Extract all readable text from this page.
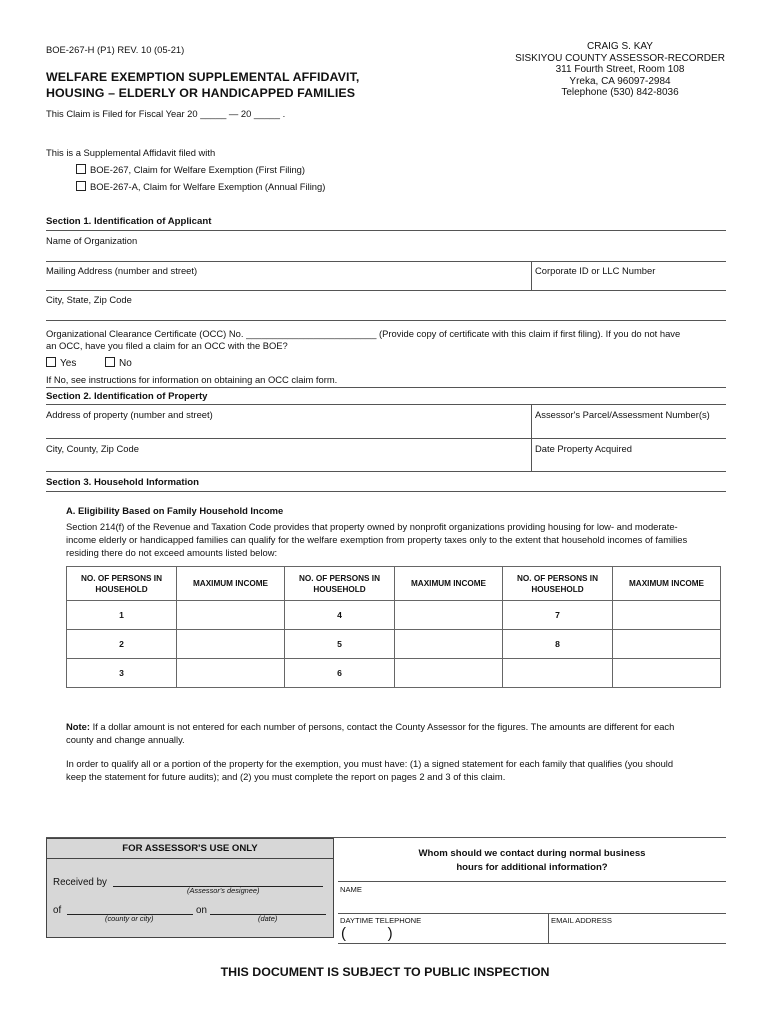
BOE-267-H (P1) REV. 10 (05-21)
WELFARE EXEMPTION SUPPLEMENTAL AFFIDAVIT,
HOUSING – ELDERLY OR HANDICAPPED FAMILIES
This Claim is Filed for Fiscal Year 20 _____ — 20 _____ .
CRAIG S. KAY
SISKIYOU COUNTY ASSESSOR-RECORDER
311 Fourth Street, Room 108
Yreka, CA 96097-2984
Telephone (530) 842-8036
This is a Supplemental Affidavit filed with
BOE-267, Claim for Welfare Exemption (First Filing)
BOE-267-A, Claim for Welfare Exemption (Annual Filing)
Section 1. Identification of Applicant
Name of Organization
Mailing Address (number and street)	Corporate ID or LLC Number
City, State, Zip Code
Organizational Clearance Certificate (OCC) No. _________________________ (Provide copy of certificate with this claim if first filing). If you do not have
an OCC, have you filed a claim for an OCC with the BOE?
Yes	No
If No, see instructions for information on obtaining an OCC claim form.
Section 2. Identification of Property
Address of property (number and street)	Assessor's Parcel/Assessment Number(s)
City, County, Zip Code	Date Property Acquired
Section 3. Household Information
A. Eligibility Based on Family Household Income
Section 214(f) of the Revenue and Taxation Code provides that property owned by nonprofit organizations providing housing for low- and moderate-
income elderly or handicapped families can qualify for the welfare exemption from property taxes only to the extent that household incomes of families
residing there do not exceed amounts listed below:
NO. OF PERSONS IN
HOUSEHOLD	MAXIMUM INCOME	NO. OF PERSONS IN
HOUSEHOLD	MAXIMUM INCOME	NO. OF PERSONS IN
HOUSEHOLD	MAXIMUM INCOME
1		4		7	
2		5		8	
3		6			
Note: If a dollar amount is not entered for each number of persons, contact the County Assessor for the figures. The amounts are different for each
county and change annually.
In order to qualify all or a portion of the property for the exemption, you must have: (1) a signed statement for each family that qualifies (you should
keep the statement for future audits); and (2) you must complete the report on pages 2 and 3 of this claim.
FOR ASSESSOR'S USE ONLY
Received by
(Assessor's designee)
of
(county or city)
on
(date)
Whom should we contact during normal business
hours for additional information?
NAME
DAYTIME TELEPHONE	EMAIL ADDRESS
(          )
THIS DOCUMENT IS SUBJECT TO PUBLIC INSPECTION
